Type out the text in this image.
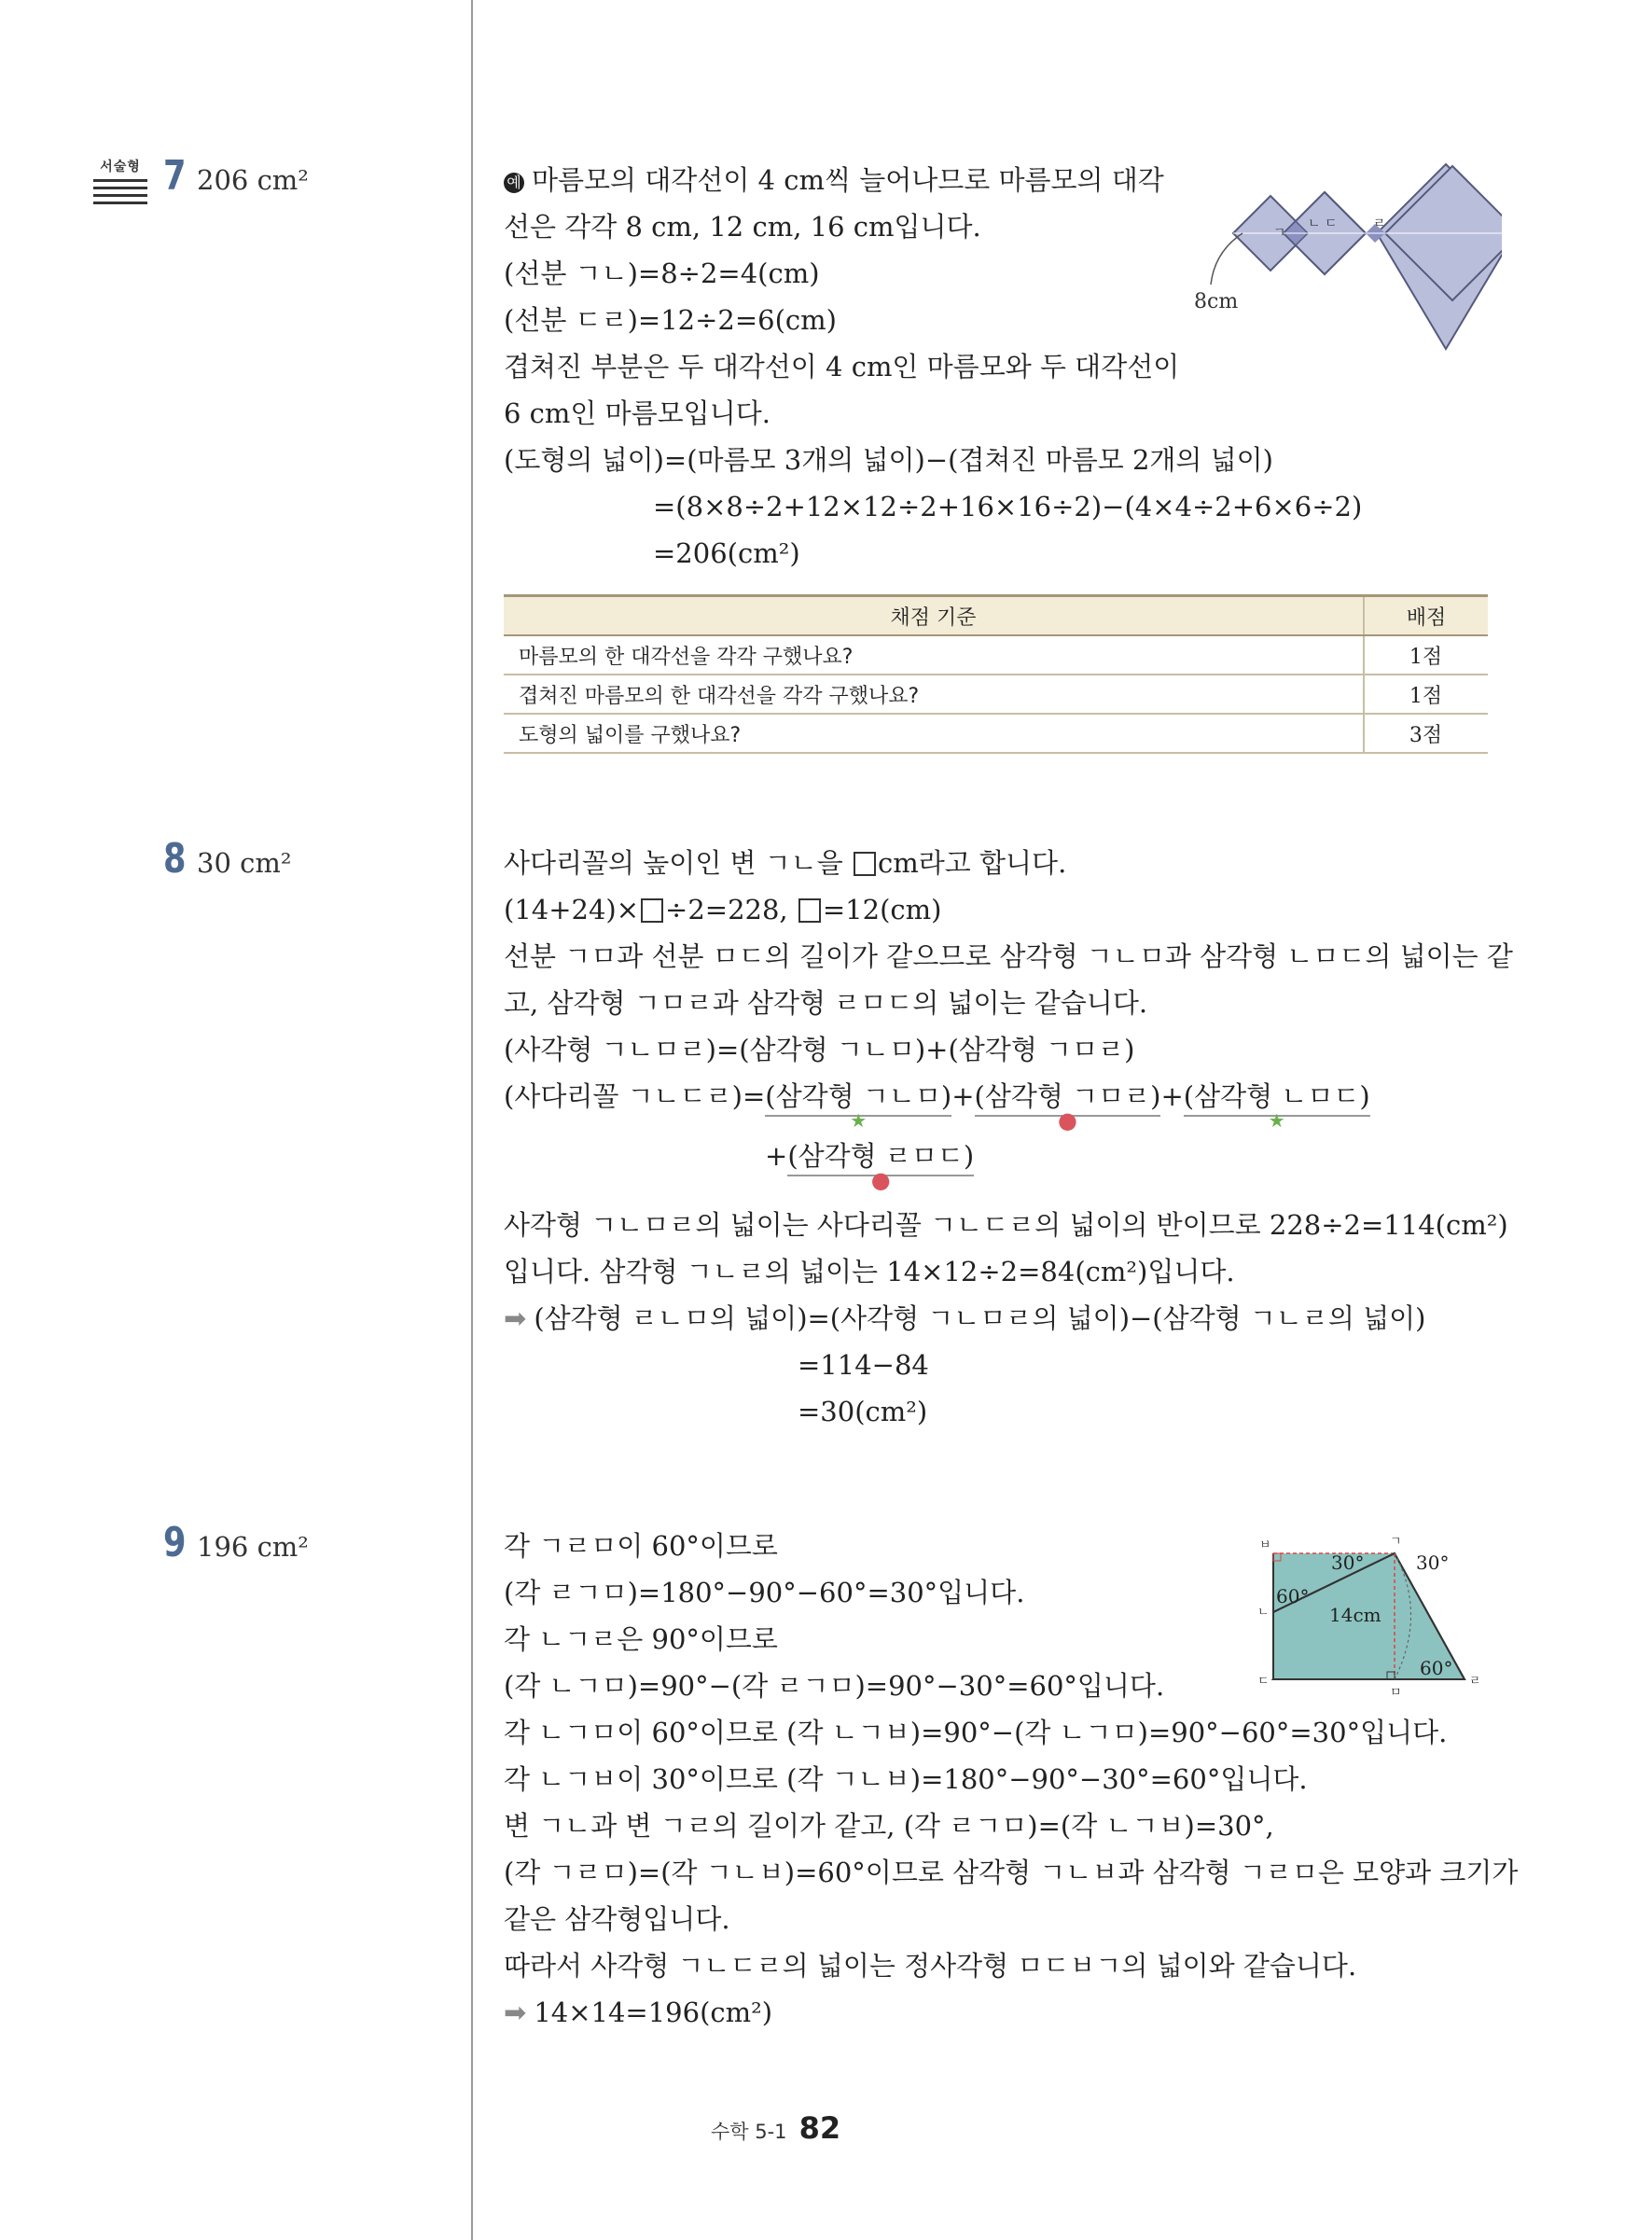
서술형 7 206 cm²	예 마름모의 대각선이 4 cm씩 늘어나므로 마름모의 대각
선은 각각 8 cm, 12 cm, 16 cm입니다.
(선분 ㄱㄴ)=8÷2=4(cm)
(선분 ㄷㄹ)=12÷2=6(cm)
겹쳐진 부분은 두 대각선이 4 cm인 마름모와 두 대각선이
6 cm인 마름모입니다.
(도형의 넓이)=(마름모 3개의 넓이)−(겹쳐진 마름모 2개의 넓이)
=(8×8÷2+12×12÷2+16×16÷2)−(4×4÷2+6×6÷2)
=206(cm²)
ㄱ
ㄴ ㄷ	ㄹ
8cm
채점 기준	배점
마름모의 한 대각선을 각각 구했나요?	1점
겹쳐진 마름모의 한 대각선을 각각 구했나요?	1점
도형의 넓이를 구했나요?	3점
8 30 cm²	사다리꼴의 높이인 변 ㄱㄴ을 cm라고 합니다.
(14+24)× ÷2=228, =12(cm)
선분 ㄱㅁ과 선분 ㅁㄷ의 길이가 같으므로 삼각형 ㄱㄴㅁ과 삼각형 ㄴㅁㄷ의 넓이는 같
고, 삼각형 ㄱㅁㄹ과 삼각형 ㄹㅁㄷ의 넓이는 같습니다.
(사각형 ㄱㄴㅁㄹ)=(삼각형 ㄱㄴㅁ)+(삼각형 ㄱㅁㄹ)
(사다리꼴 ㄱㄴㄷㄹ)=(삼각형 ㄱㄴㅁ)
★
+(삼각형 ㄱㅁㄹ)
●
+(삼각형 ㄴㅁㄷ)
★
+(삼각형 ㄹㅁㄷ)
●
사각형 ㄱㄴㅁㄹ의 넓이는 사다리꼴 ㄱㄴㄷㄹ의 넓이의 반이므로 228÷2=114(cm²)
입니다. 삼각형 ㄱㄴㄹ의 넓이는 14×12÷2=84(cm²)입니다.
➡ (삼각형 ㄹㄴㅁ의 넓이)=(사각형 ㄱㄴㅁㄹ의 넓이)−(삼각형 ㄱㄴㄹ의 넓이)
=114−84
=30(cm²)
9 196 cm²	각 ㄱㄹㅁ이 60°이므로
(각 ㄹㄱㅁ)=180°−90°−60°=30°입니다.
각 ㄴㄱㄹ은 90°이므로
(각 ㄴㄱㅁ)=90°−(각 ㄹㄱㅁ)=90°−30°=60°입니다.
각 ㄴㄱㅁ이 60°이므로 (각 ㄴㄱㅂ)=90°−(각 ㄴㄱㅁ)=90°−60°=30°입니다.
각 ㄴㄱㅂ이 30°이므로 (각 ㄱㄴㅂ)=180°−90°−30°=60°입니다.
변 ㄱㄴ과 변 ㄱㄹ의 길이가 같고, (각 ㄹㄱㅁ)=(각 ㄴㄱㅂ)=30°,
(각 ㄱㄹㅁ)=(각 ㄱㄴㅂ)=60°이므로 삼각형 ㄱㄴㅂ과 삼각형 ㄱㄹㅁ은 모양과 크기가
같은 삼각형입니다.
따라서 사각형 ㄱㄴㄷㄹ의 넓이는 정사각형 ㅁㄷㅂㄱ의 넓이와 같습니다.
➡ 14×14=196(cm²)
ㅂ	ㄱ
ㄴ
ㄷ
ㅁ
ㄹ
30°	30°
60°
60°
14cm
수학 5-1 82
